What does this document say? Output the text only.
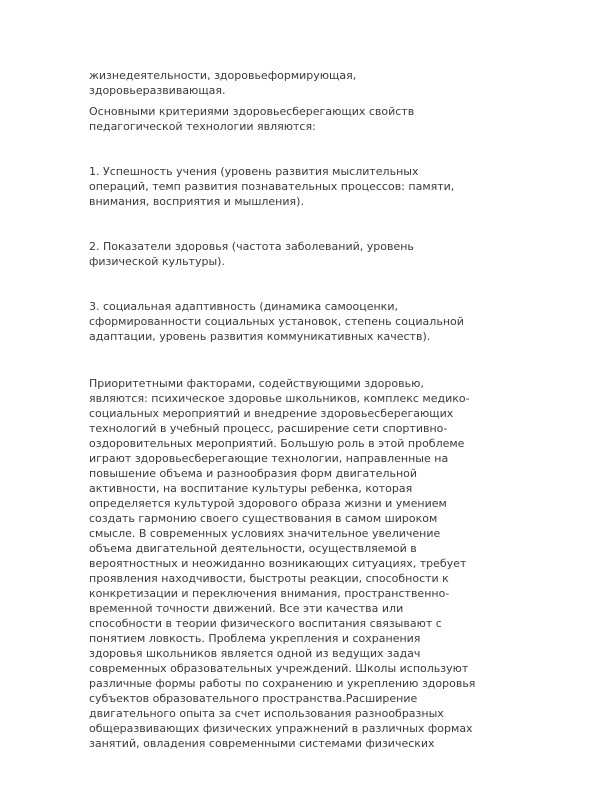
жизнедеятельности, здоровьеформирующая,
здоровьеразвивающая.

Основными критериями здоровьесберегающих свойств
педагогической технологии являются:

1. Успешность учения (уровень развития мыслительных
операций, темп развития познавательных процессов: памяти,
внимания, восприятия и мышления).

2. Показатели здоровья (частота заболеваний, уровень
физической культуры).

3. социальная адаптивность (динамика самооценки,
сформированности социальных установок, степень социальной
адаптации, уровень развития коммуникативных качеств).

Приоритетными факторами, содействующими здоровью,
являются: психическое здоровье школьников, комплекс медико-
социальных мероприятий и внедрение здоровьесберегающих
технологий в учебный процесс, расширение сети спортивно-
оздоровительных мероприятий. Большую роль в этой проблеме
играют здоровьесберегающие технологии, направленные на
повышение объема и разнообразия форм двигательной
активности, на воспитание культуры ребенка, которая
определяется культурой здорового образа жизни и умением
создать гармонию своего существования в самом широком
смысле. В современных условиях значительное увеличение
объема двигательной деятельности, осуществляемой в
вероятностных и неожиданно возникающих ситуациях, требует
проявления находчивости, быстроты реакции, способности к
конкретизации и переключения внимания, пространственно-
временной точности движений. Все эти качества или
способности в теории физического воспитания связывают с
понятием ловкость. Проблема укрепления и сохранения
здоровья школьников является одной из ведущих задач
современных образовательных учреждений. Школы используют
различные формы работы по сохранению и укреплению здоровья
субъектов образовательного пространства.Расширение
двигательного опыта за счет использования разнообразных
общеразвивающих физических упражнений в различных формах
занятий, овладения современными системами физических
